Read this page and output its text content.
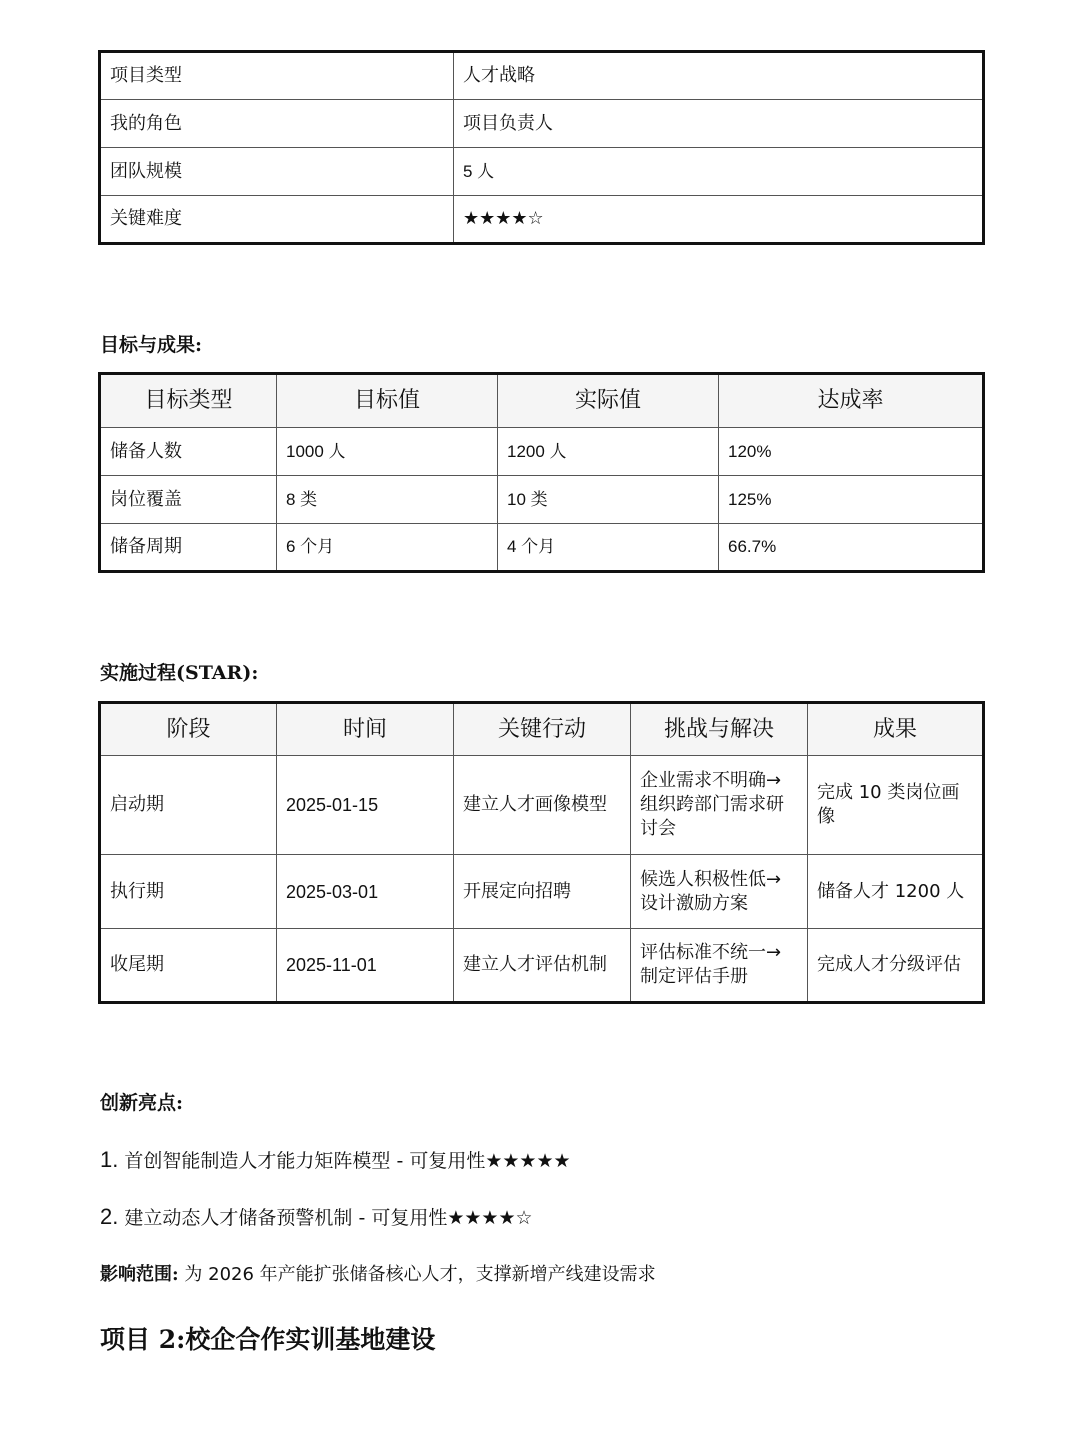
项目类型	人才战略
我的角色	项目负责人
团队规模	5 人
关键难度	★★★★☆
目标与成果:
目标类型	目标值	实际值	达成率
储备人数	1000 人	1200 人	120%
岗位覆盖	8 类	10 类	125%
储备周期	6 个月	4 个月	66.7%
实施过程(STAR):
阶段	时间	关键行动	挑战与解决	成果
启动期	2025-01-15	建立人才画像模型	企业需求不明确→组织跨部门需求研讨会	完成 10 类岗位画像
执行期	2025-03-01	开展定向招聘	候选人积极性低→设计激励方案	储备人才 1200 人
收尾期	2025-11-01	建立人才评估机制	评估标准不统一→制定评估手册	完成人才分级评估
创新亮点:
1. 首创智能制造人才能力矩阵模型 - 可复用性★★★★★
2. 建立动态人才储备预警机制 - 可复用性★★★★☆
影响范围: 为 2026 年产能扩张储备核心人才，支撑新增产线建设需求
项目 2:校企合作实训基地建设
